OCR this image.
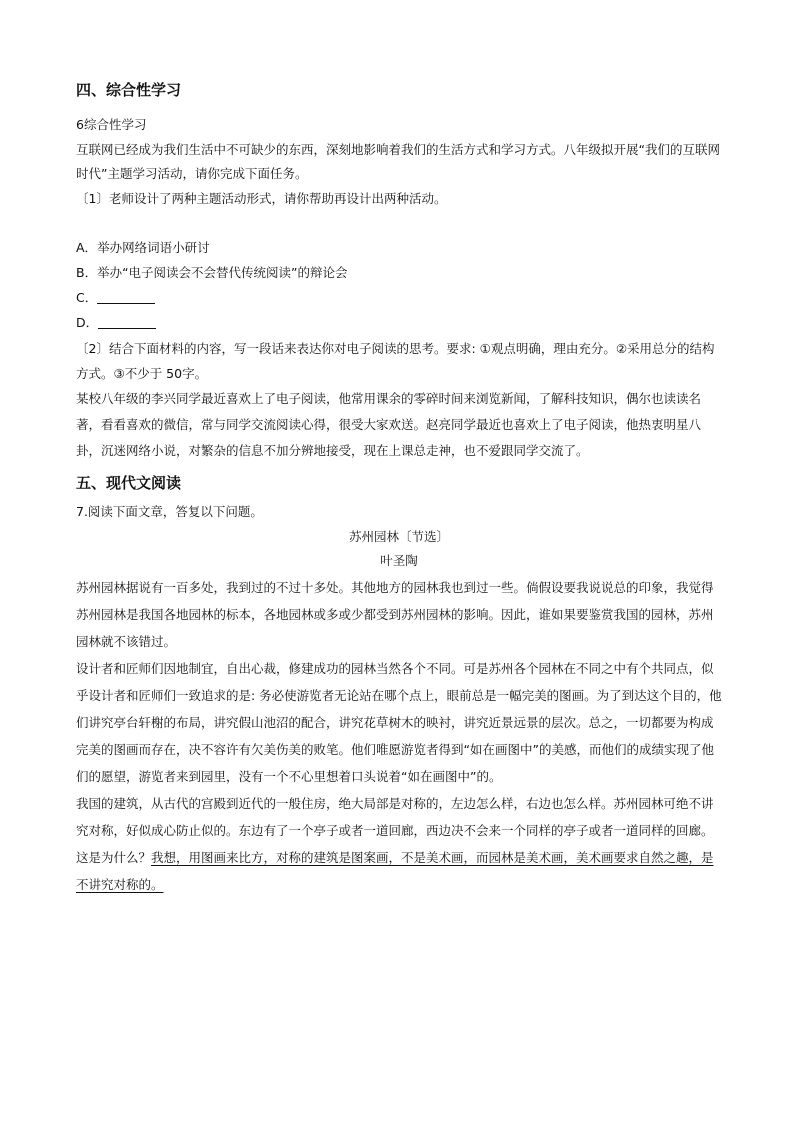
四、综合性学习

6综合性学习

互联网已经成为我们生活中不可缺少的东西，深刻地影响着我们的生活方式和学习方式。八年级拟开展“我们的互联网时代”主题学习活动，请你完成下面任务。

〔1〕老师设计了两种主题活动形式，请你帮助再设计出两种活动。

A．举办网络词语小研讨

B．举办“电子阅读会不会替代传统阅读”的辩论会

C．

D．

〔2〕结合下面材料的内容，写一段话来表达你对电子阅读的思考。要求: ①观点明确，理由充分。②采用总分的结构方式。③不少于 50字。

某校八年级的李兴同学最近喜欢上了电子阅读，他常用课余的零碎时间来浏览新闻，了解科技知识，偶尔也读读名著，看看喜欢的微信，常与同学交流阅读心得，很受大家欢送。赵亮同学最近也喜欢上了电子阅读，他热衷明星八卦，沉迷网络小说，对繁杂的信息不加分辨地接受，现在上课总走神，也不爱跟同学交流了。

五、现代文阅读

7.阅读下面文章，答复以下问题。

苏州园林〔节选〕

叶圣陶

苏州园林据说有一百多处，我到过的不过十多处。其他地方的园林我也到过一些。倘假设要我说说总的印象，我觉得苏州园林是我国各地园林的标本，各地园林或多或少都受到苏州园林的影响。因此，谁如果要鉴赏我国的园林，苏州园林就不该错过。

设计者和匠师们因地制宜，自出心裁，修建成功的园林当然各个不同。可是苏州各个园林在不同之中有个共同点，似乎设计者和匠师们一致追求的是: 务必使游览者无论站在哪个点上，眼前总是一幅完美的图画。为了到达这个目的，他们讲究亭台轩榭的布局，讲究假山池沼的配合，讲究花草树木的映衬，讲究近景远景的层次。总之，一切都要为构成完美的图画而存在，决不容许有欠美伤美的败笔。他们唯愿游览者得到“如在画图中”的美感，而他们的成绩实现了他们的愿望，游览者来到园里，没有一个不心里想着口头说着“如在画图中”的。

我国的建筑，从古代的宫殿到近代的一般住房，绝大局部是对称的，左边怎么样，右边也怎么样。苏州园林可绝不讲究对称，好似成心防止似的。东边有了一个亭子或者一道回廊，西边决不会来一个同样的亭子或者一道同样的回廊。这是为什么？我想，用图画来比方，对称的建筑是图案画，不是美术画，而园林是美术画，美术画要求自然之趣，是不讲究对称的。
